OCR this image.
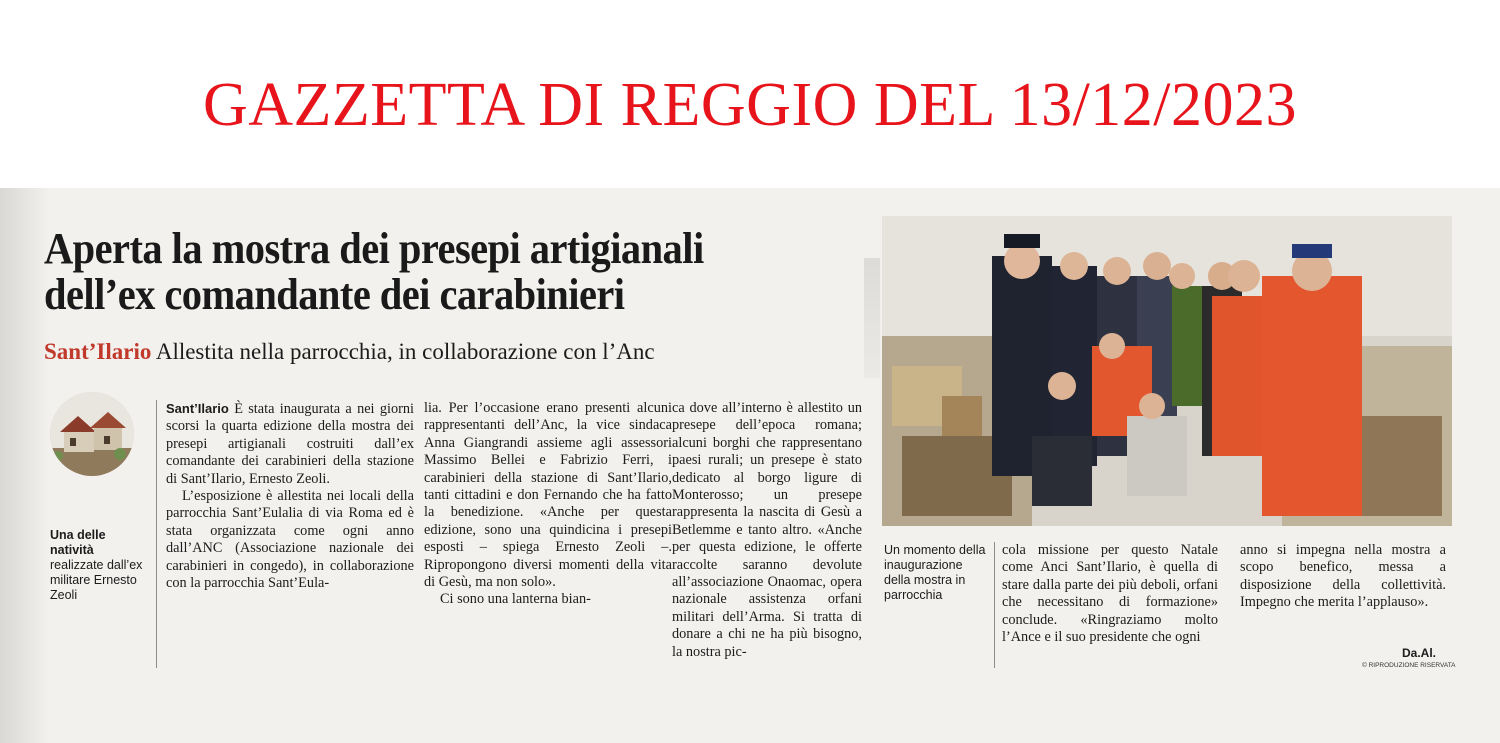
GAZZETTA DI REGGIO DEL 13/12/2023
Aperta la mostra dei presepi artigianali
dell’ex comandante dei carabinieri
Sant’Ilario Allestita nella parrocchia, in collaborazione con l’Anc
Una delle natività
realizzate dall’ex militare Ernesto Zeoli

Sant’Ilario È stata inaugurata a nei giorni scorsi la quarta edizione della mostra dei presepi artigianali costruiti dall’ex comandante dei carabinieri della stazione di Sant’Ilario, Ernesto Zeoli.

L’esposizione è allestita nei locali della parrocchia Sant’Eulalia di via Roma ed è stata organizzata come ogni anno dall’ANC (Associazione nazionale dei carabinieri in congedo), in collaborazione con la parrocchia Sant’Eula-

lia. Per l’occasione erano presenti alcuni rappresentanti dell’Anc, la vice sindaca Anna Giangrandi assieme agli assessori Massimo Bellei e Fabrizio Ferri, i carabinieri della stazione di Sant’Ilario, tanti cittadini e don Fernando che ha fatto la benedizione. «Anche per questa edizione, sono una quindicina i presepi esposti – spiega Ernesto Zeoli –. Ripropongono diversi momenti della vita di Gesù, ma non solo».

Ci sono una lanterna bian-

ca dove all’interno è allestito un presepe dell’epoca romana; alcuni borghi che rappresentano paesi rurali; un presepe è stato dedicato al borgo ligure di Monterosso; un presepe rappresenta la nascita di Gesù a Betlemme e tanto altro. «Anche per questa edizione, le offerte raccolte saranno devolute all’associazione Onaomac, opera nazionale assistenza orfani militari dell’Arma. Si tratta di donare a chi ne ha più bisogno, la nostra pic-

Un momento della inaugurazione della mostra in parrocchia

cola missione per questo Natale come Anci Sant’Ilario, è quella di stare dalla parte dei più deboli, orfani che necessitano di formazione» conclude. «Ringraziamo molto l’Ance e il suo presidente che ogni

anno si impegna nella mostra a scopo benefico, messa a disposizione della collettività. Impegno che merita l’applauso».

Da.Al.
© RIPRODUZIONE RISERVATA
